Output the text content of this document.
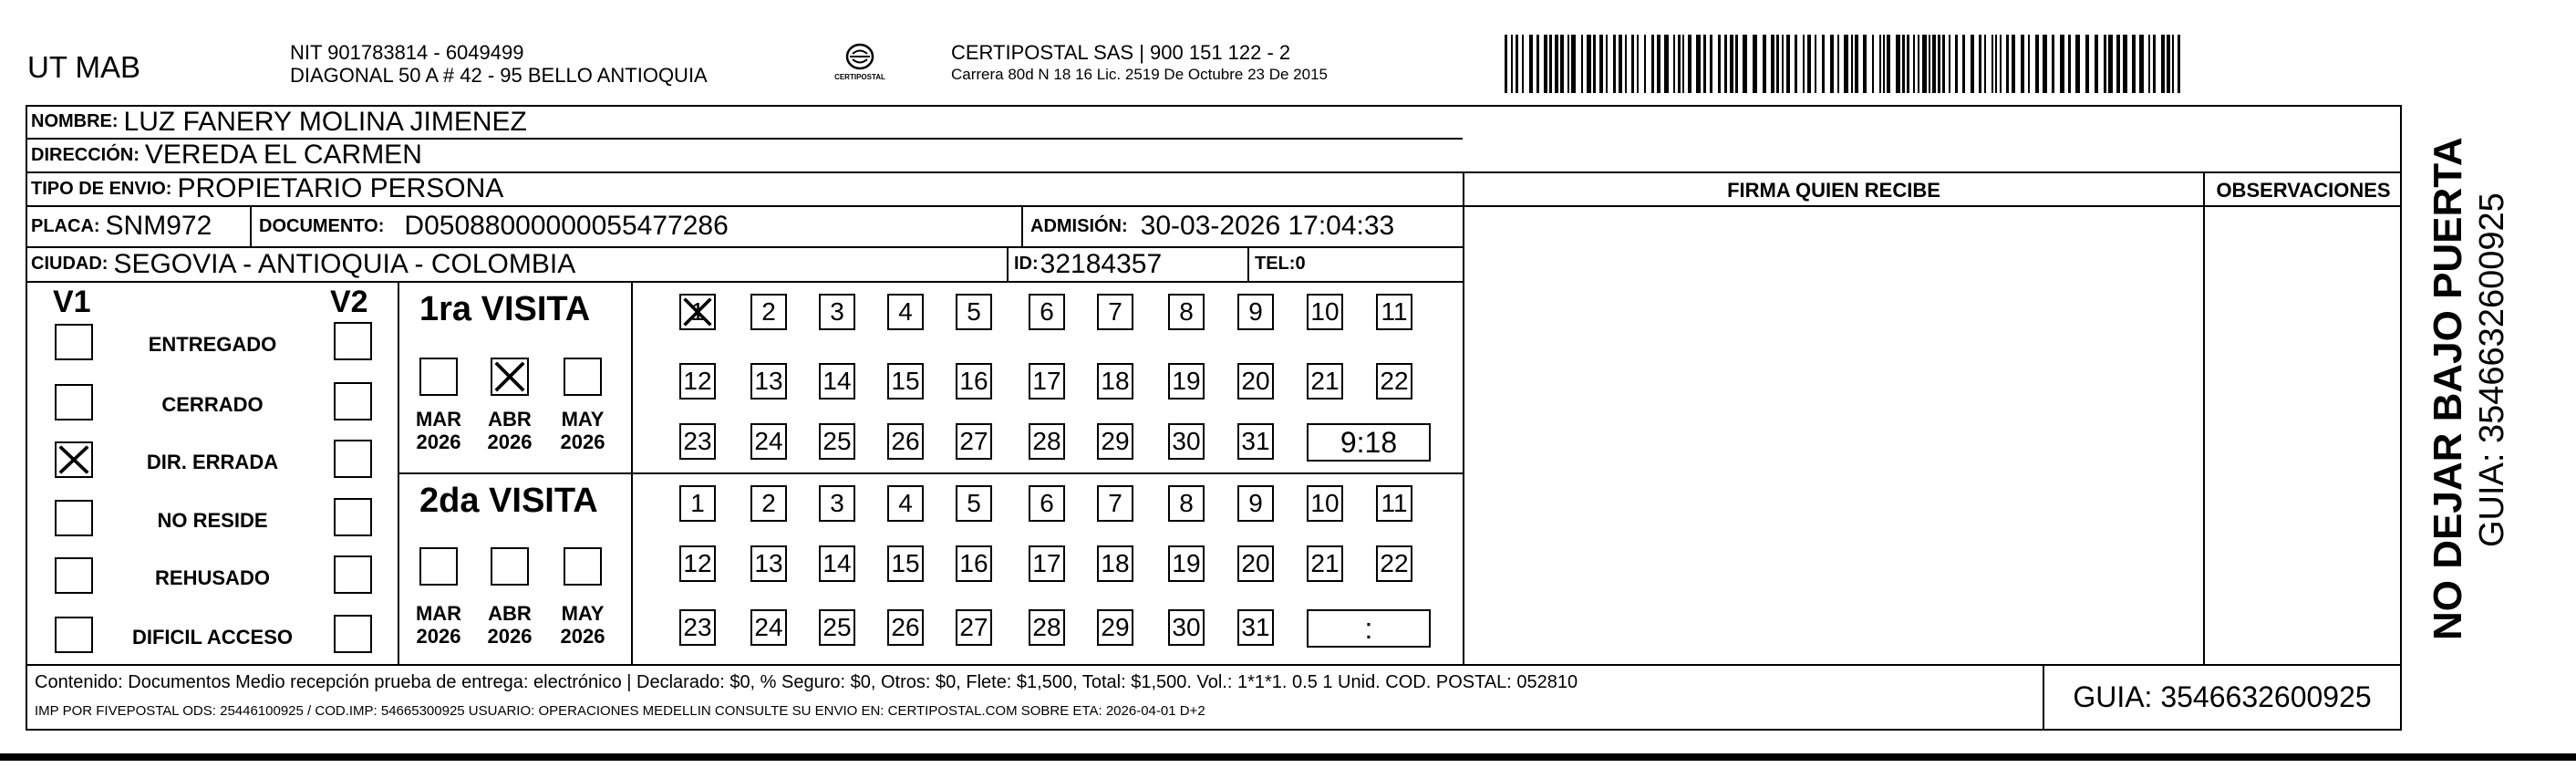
UT MAB	NIT 901783814 - 6049499
DIAGONAL 50 A # 42 - 95 BELLO ANTIOQUIA	CERTIPOSTAL
CERTIPOSTAL SAS | 900 151 122 - 2
Carrera 80d N 18 16 Lic. 2519 De Octubre 23 De 2015
NOMBRE: LUZ FANERY MOLINA JIMENEZ
DIRECCIÓN: VEREDA EL CARMEN
TIPO DE ENVIO: PROPIETARIO PERSONA	FIRMA QUIEN RECIBE	OBSERVACIONES
PLACA: SNM972	DOCUMENTO: D05088000000055477286	ADMISIÓN: 30-03-2026 17:04:33
CIUDAD: SEGOVIA - ANTIOQUIA - COLOMBIA	ID: 32184357	TEL: 0
V1	V2
ENTREGADO
CERRADO
DIR. ERRADA
NO RESIDE
REHUSADO
DIFICIL ACCESO
1ra VISITA
2da VISITA
MAR
2026
ABR
2026
MAY
2026
1	2	3	4	5	6	7	8	9	10 11
12 13 14 15 16 17 18 19 20 21 22
23 24 25 26 27 28 29 30 31	9:18
MAR
2026
ABR
2026
MAY
2026
1	2	3	4	5	6	7	8	9	10 11
12 13 14 15 16 17 18 19 20 21 22
23 24 25 26 27 28 29 30 31	:
Contenido: Documentos Medio recepción prueba de entrega: electrónico | Declarado: $0, % Seguro: $0, Otros: $0, Flete: $1,500, Total: $1,500. Vol.: 1*1*1. 0.5 1 Unid. COD. POSTAL: 052810
IMP POR FIVEPOSTAL ODS: 25446100925 / COD.IMP: 54665300925 USUARIO: OPERACIONES MEDELLIN CONSULTE SU ENVIO EN: CERTIPOSTAL.COM SOBRE ETA: 2026-04-01 D+2	GUIA: 3546632600925
NO DEJAR BAJO PUERTA GUIA: 3546632600925
